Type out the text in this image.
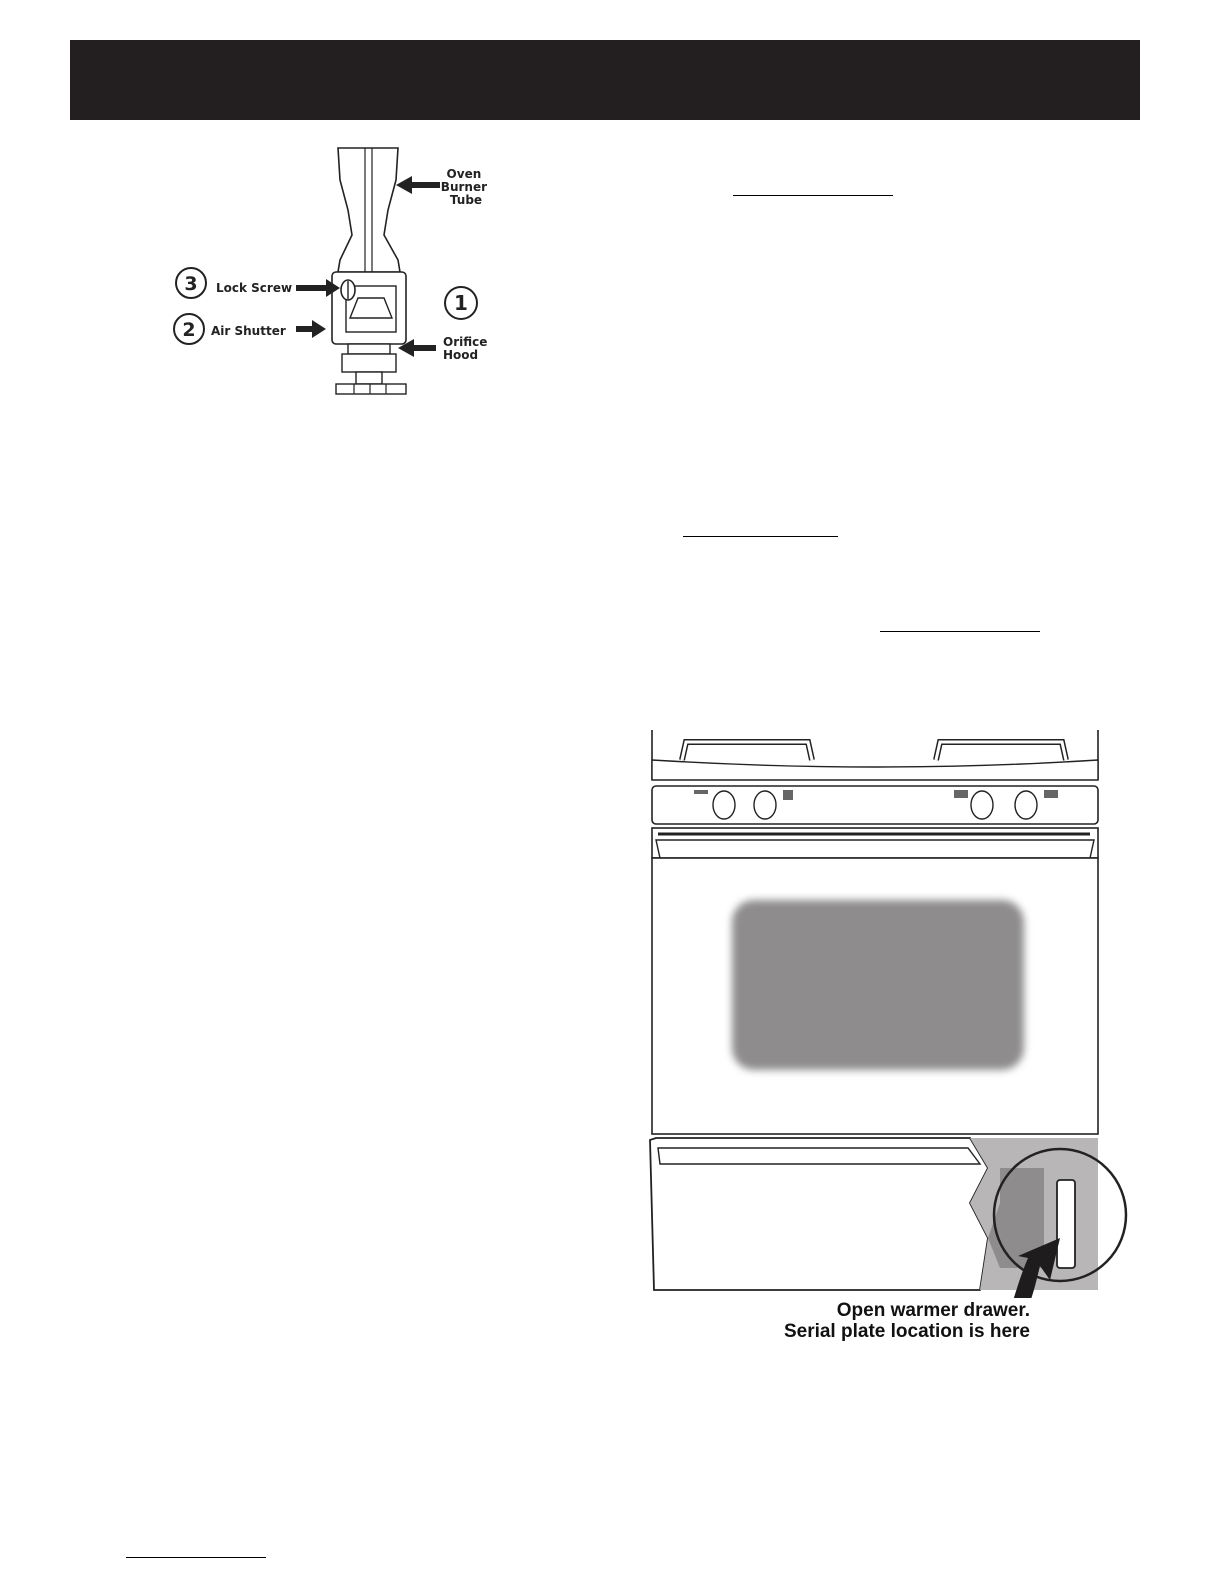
Oven Burner Tube
Lock Screw
Air Shutter
Orifice Hood
3
2
1
Open warmer drawer.
Serial plate location is here
